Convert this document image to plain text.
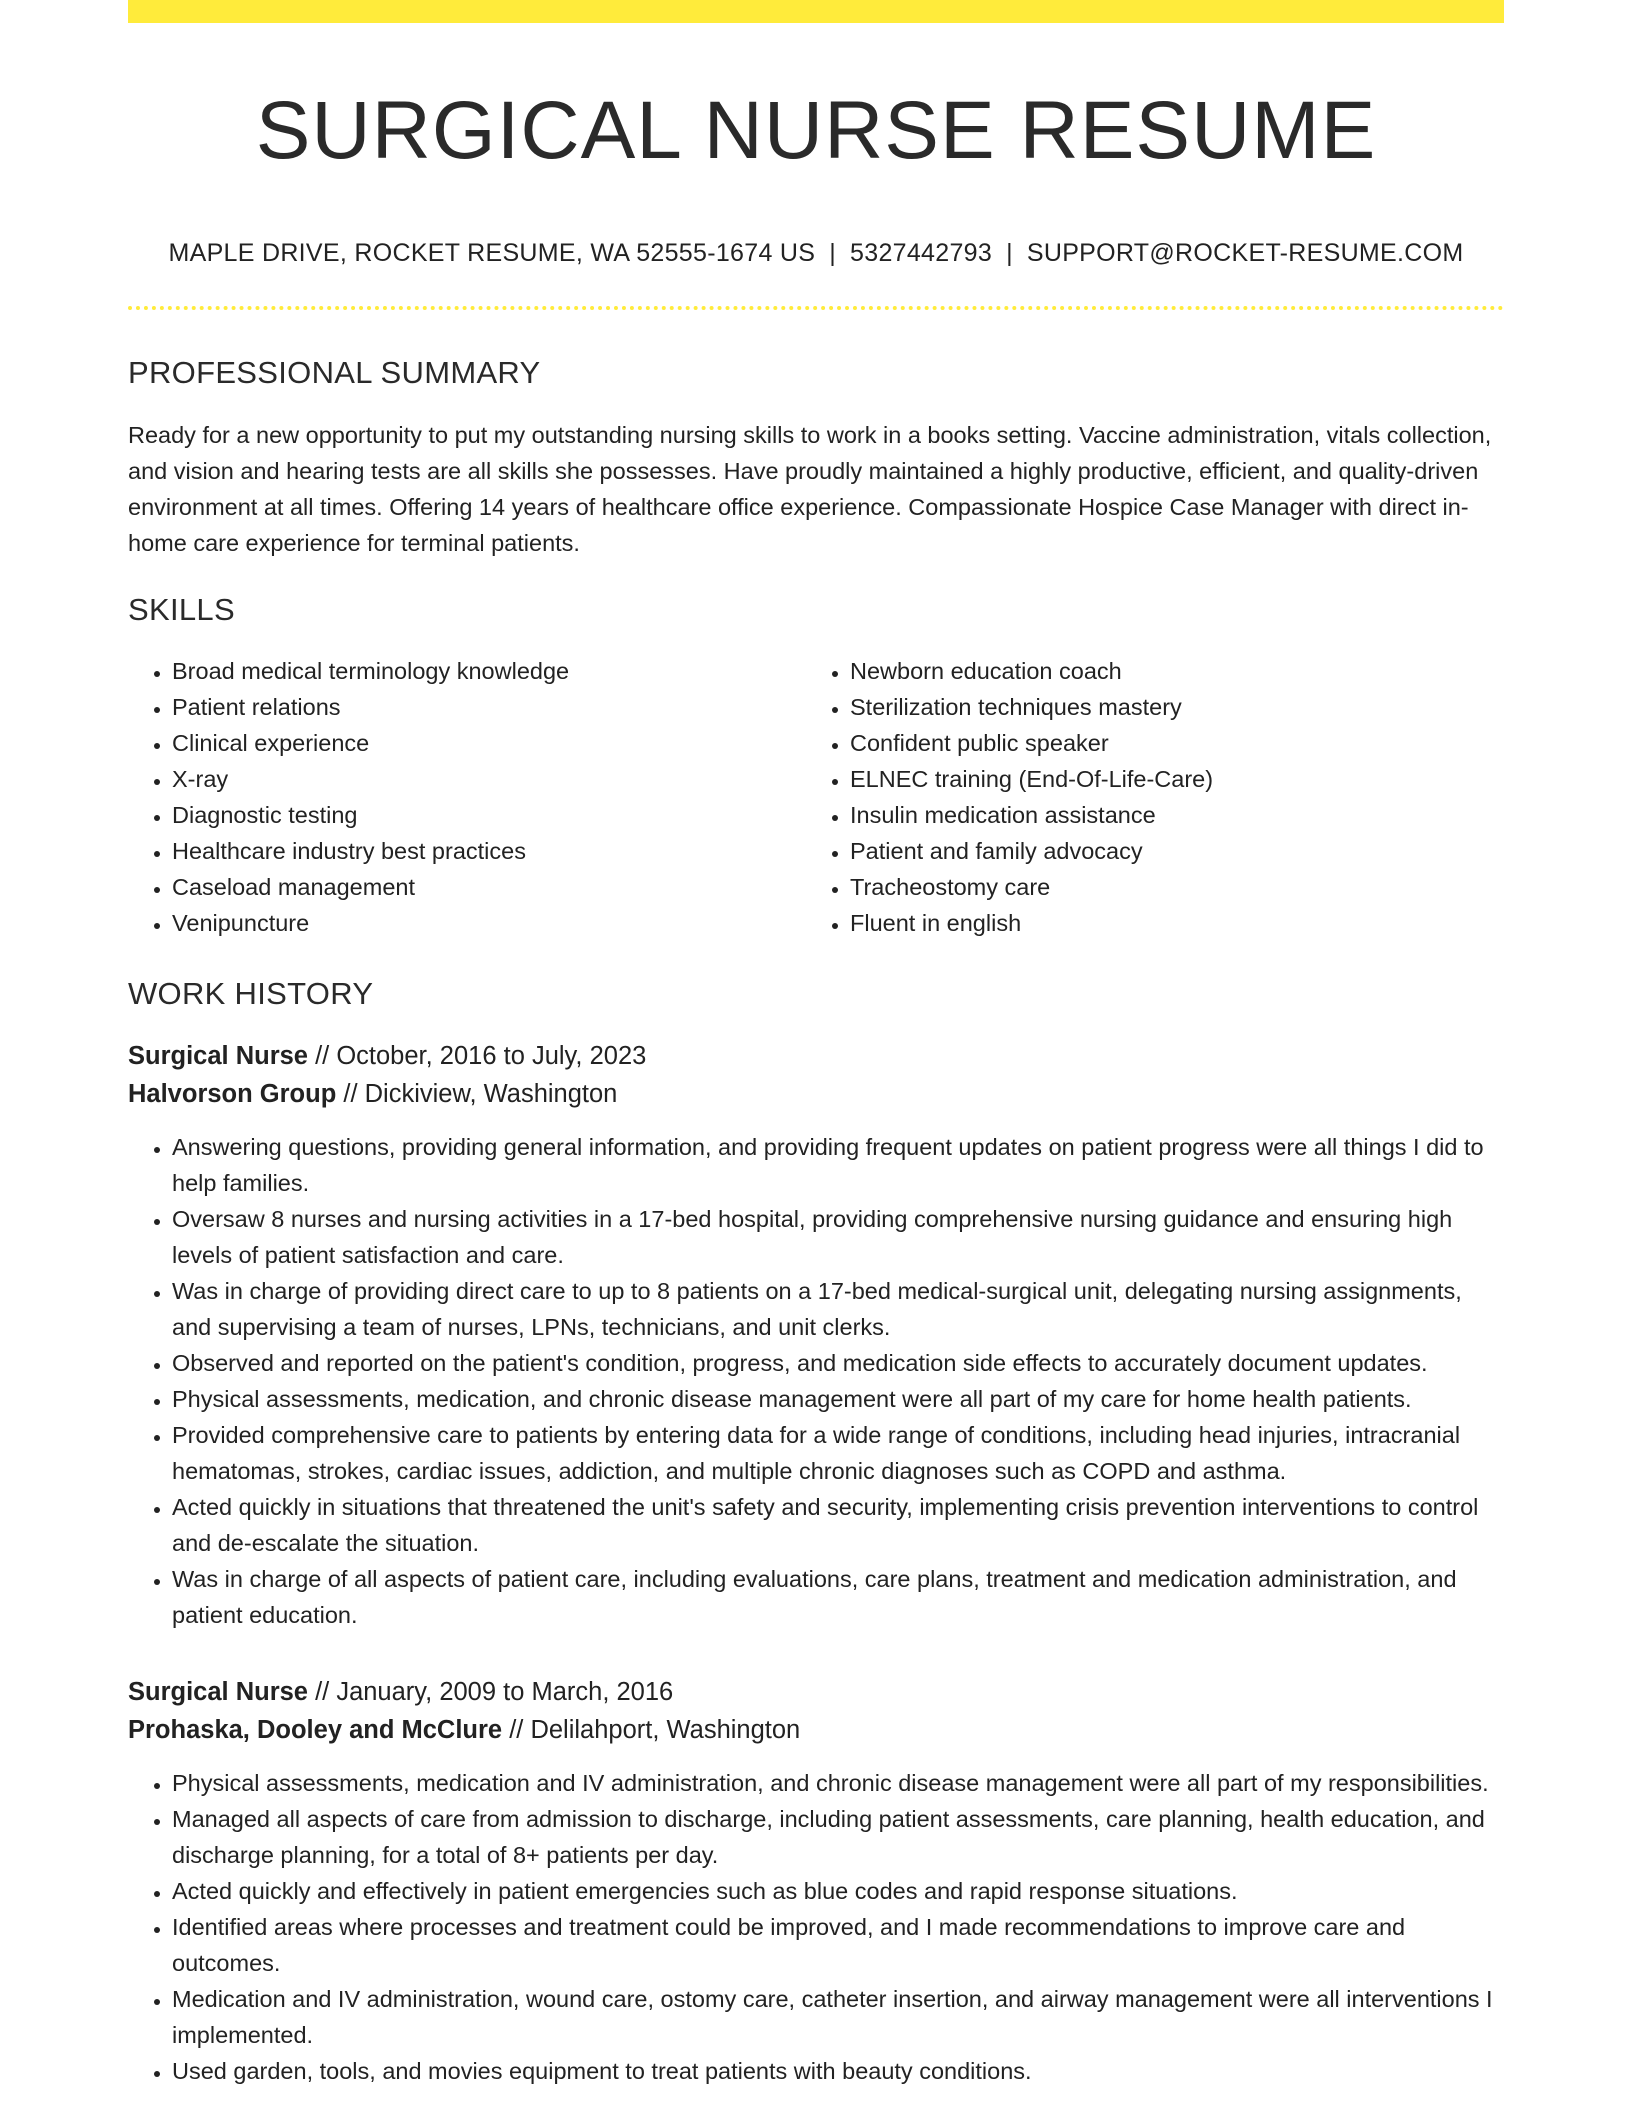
SURGICAL NURSE RESUME
MAPLE DRIVE, ROCKET RESUME, WA 52555-1674 US | 5327442793 | SUPPORT@ROCKET-RESUME.COM
PROFESSIONAL SUMMARY

Ready for a new opportunity to put my outstanding nursing skills to work in a books setting. Vaccine administration, vitals collection, and vision and hearing tests are all skills she possesses. Have proudly maintained a highly productive, efficient, and quality-driven environment at all times. Offering 14 years of healthcare office experience. Compassionate Hospice Case Manager with direct in-home care experience for terminal patients.

SKILLS
• Broad medical terminology knowledge
• Patient relations
• Clinical experience
• X-ray
• Diagnostic testing
• Healthcare industry best practices
• Caseload management
• Venipuncture
• Newborn education coach
• Sterilization techniques mastery
• Confident public speaker
• ELNEC training (End-Of-Life-Care)
• Insulin medication assistance
• Patient and family advocacy
• Tracheostomy care
• Fluent in english
WORK HISTORY
Surgical Nurse // October, 2016 to July, 2023
Halvorson Group // Dickiview, Washington
• Answering questions, providing general information, and providing frequent updates on patient progress were all things I did to help families.
• Oversaw 8 nurses and nursing activities in a 17-bed hospital, providing comprehensive nursing guidance and ensuring high levels of patient satisfaction and care.
• Was in charge of providing direct care to up to 8 patients on a 17-bed medical-surgical unit, delegating nursing assignments, and supervising a team of nurses, LPNs, technicians, and unit clerks.
• Observed and reported on the patient's condition, progress, and medication side effects to accurately document updates.
• Physical assessments, medication, and chronic disease management were all part of my care for home health patients.
• Provided comprehensive care to patients by entering data for a wide range of conditions, including head injuries, intracranial hematomas, strokes, cardiac issues, addiction, and multiple chronic diagnoses such as COPD and asthma.
• Acted quickly in situations that threatened the unit's safety and security, implementing crisis prevention interventions to control and de-escalate the situation.
• Was in charge of all aspects of patient care, including evaluations, care plans, treatment and medication administration, and patient education.
Surgical Nurse // January, 2009 to March, 2016
Prohaska, Dooley and McClure // Delilahport, Washington
• Physical assessments, medication and IV administration, and chronic disease management were all part of my responsibilities.
• Managed all aspects of care from admission to discharge, including patient assessments, care planning, health education, and discharge planning, for a total of 8+ patients per day.
• Acted quickly and effectively in patient emergencies such as blue codes and rapid response situations.
• Identified areas where processes and treatment could be improved, and I made recommendations to improve care and outcomes.
• Medication and IV administration, wound care, ostomy care, catheter insertion, and airway management were all interventions I implemented.
• Used garden, tools, and movies equipment to treat patients with beauty conditions.
